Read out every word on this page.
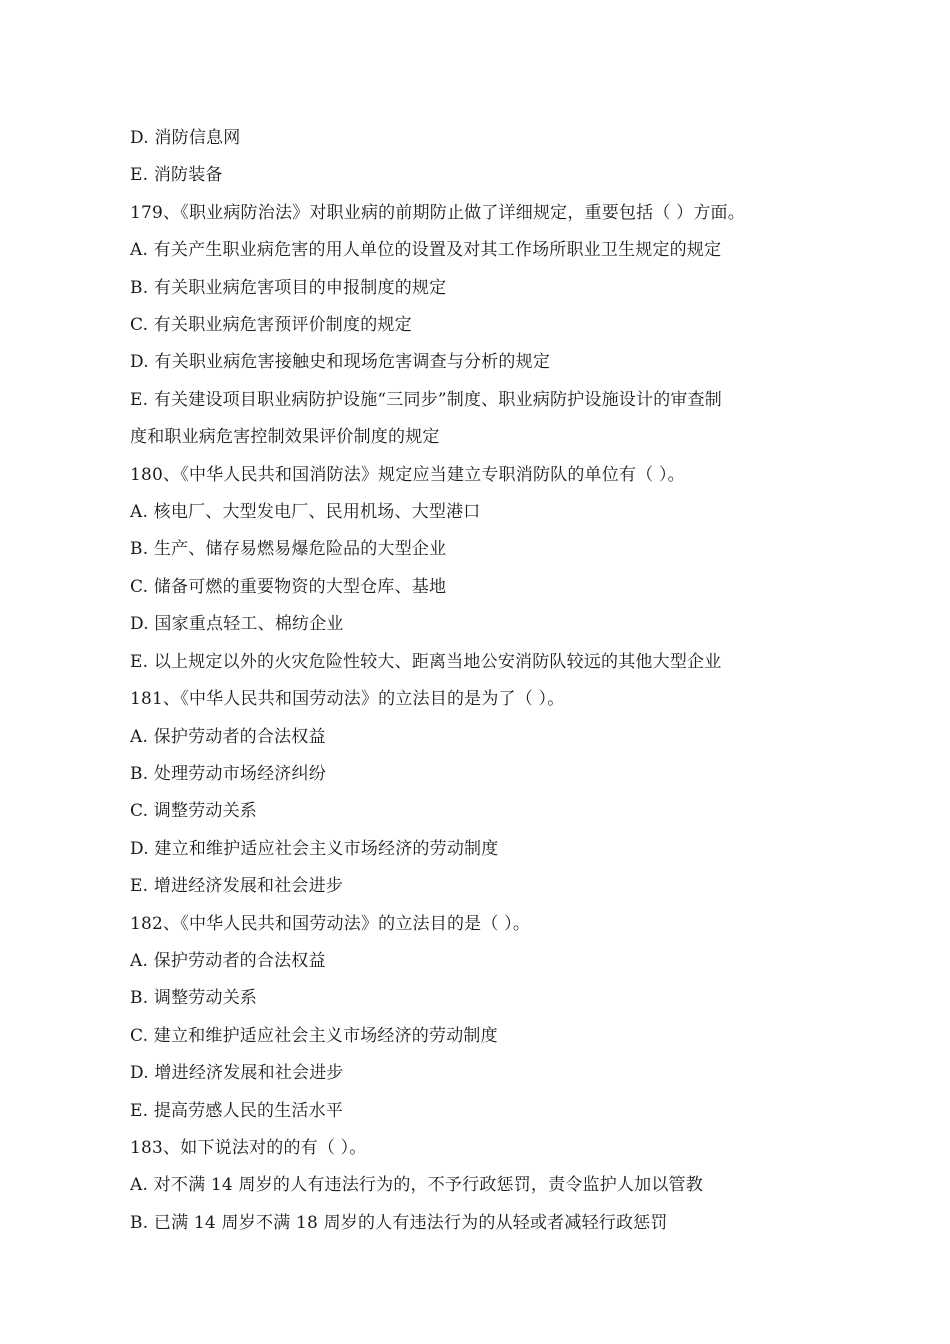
D. 消防信息网
E. 消防装备
179、《职业病防治法》对职业病的前期防止做了详细规定，重要包括（ ）方面。
A. 有关产生职业病危害的用人单位的设置及对其工作场所职业卫生规定的规定
B. 有关职业病危害项目的申报制度的规定
C. 有关职业病危害预评价制度的规定
D. 有关职业病危害接触史和现场危害调查与分析的规定
E. 有关建设项目职业病防护设施“三同步”制度、职业病防护设施设计的审查制
度和职业病危害控制效果评价制度的规定
180、《中华人民共和国消防法》规定应当建立专职消防队的单位有（ ）。
A. 核电厂、大型发电厂、民用机场、大型港口
B. 生产、储存易燃易爆危险品的大型企业
C. 储备可燃的重要物资的大型仓库、基地
D. 国家重点轻工、棉纺企业
E. 以上规定以外的火灾危险性较大、距离当地公安消防队较远的其他大型企业
181、《中华人民共和国劳动法》的立法目的是为了（ ）。
A. 保护劳动者的合法权益
B. 处理劳动市场经济纠纷
C. 调整劳动关系
D. 建立和维护适应社会主义市场经济的劳动制度
E. 增进经济发展和社会进步
182、《中华人民共和国劳动法》的立法目的是（ ）。
A. 保护劳动者的合法权益
B. 调整劳动关系
C. 建立和维护适应社会主义市场经济的劳动制度
D. 增进经济发展和社会进步
E. 提高劳感人民的生活水平
183、如下说法对的的有（ ）。
A. 对不满 14 周岁的人有违法行为的，不予行政惩罚，责令监护人加以管教
B. 已满 14 周岁不满 18 周岁的人有违法行为的从轻或者减轻行政惩罚
